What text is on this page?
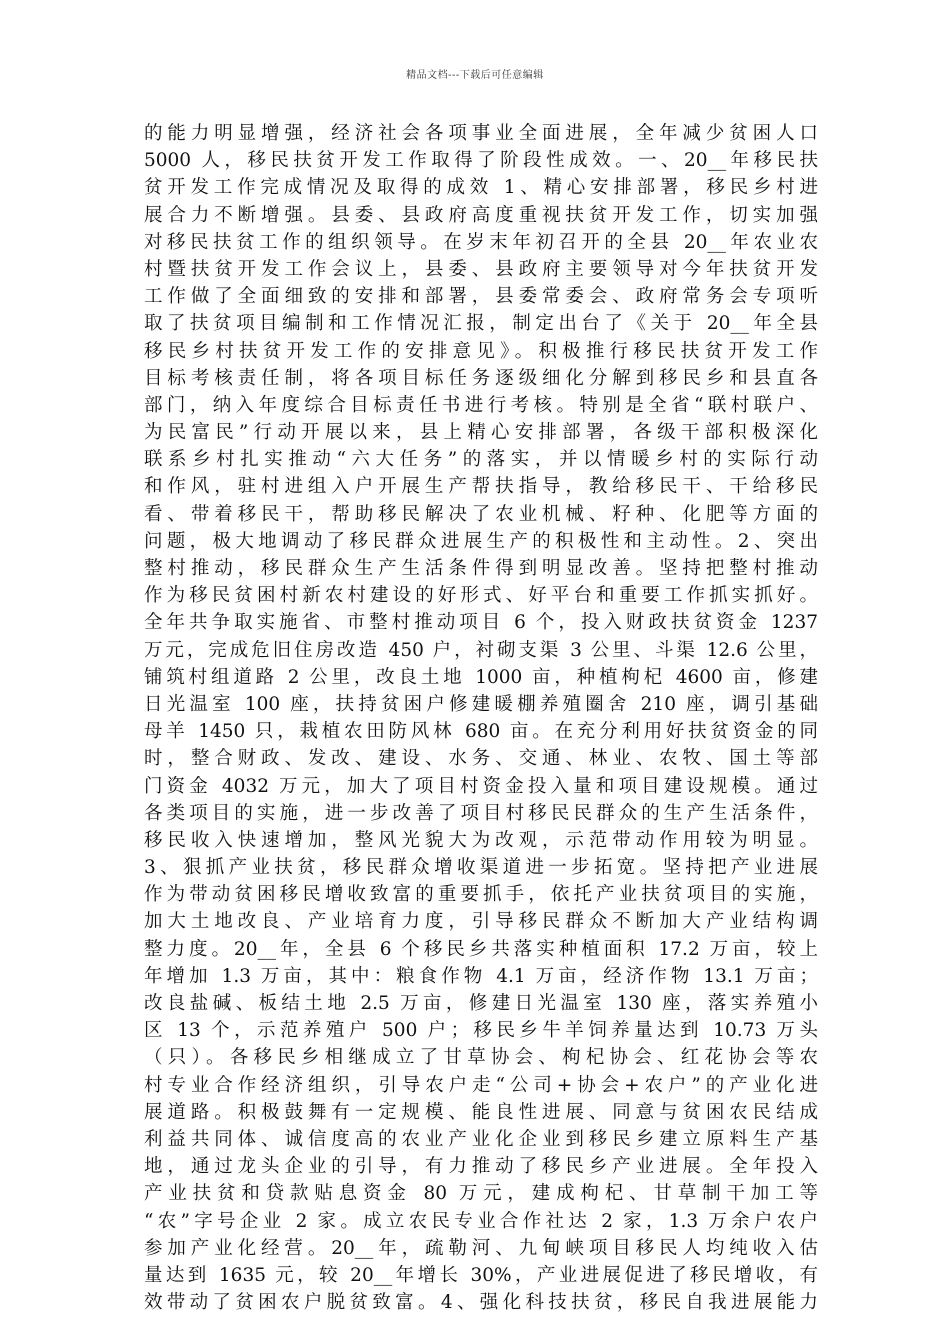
精品文档---下载后可任意编辑
的能力明显增强，经济社会各项事业全面进展，全年减少贫困人口
5000 人，移民扶贫开发工作取得了阶段性成效。一、20__年移民扶
贫开发工作完成情况及取得的成效 1、精心安排部署，移民乡村进
展合力不断增强。县委、县政府高度重视扶贫开发工作，切实加强
对移民扶贫工作的组织领导。在岁末年初召开的全县 20__年农业农
村暨扶贫开发工作会议上，县委、县政府主要领导对今年扶贫开发
工作做了全面细致的安排和部署，县委常委会、政府常务会专项听
取了扶贫项目编制和工作情况汇报，制定出台了《关于 20__年全县
移民乡村扶贫开发工作的安排意见》。积极推行移民扶贫开发工作
目标考核责任制，将各项目标任务逐级细化分解到移民乡和县直各
部门，纳入年度综合目标责任书进行考核。特别是全省“联村联户、
为民富民”行动开展以来，县上精心安排部署，各级干部积极深化
联系乡村扎实推动“六大任务”的落实，并以情暖乡村的实际行动
和作风，驻村进组入户开展生产帮扶指导，教给移民干、干给移民
看、带着移民干，帮助移民解决了农业机械、籽种、化肥等方面的
问题，极大地调动了移民群众进展生产的积极性和主动性。2、突出
整村推动，移民群众生产生活条件得到明显改善。坚持把整村推动
作为移民贫困村新农村建设的好形式、好平台和重要工作抓实抓好。
全年共争取实施省、市整村推动项目 6 个，投入财政扶贫资金 1237
万元，完成危旧住房改造 450 户，衬砌支渠 3 公里、斗渠 12.6 公里，
铺筑村组道路 2 公里，改良土地 1000 亩，种植枸杞 4600 亩，修建
日光温室 100 座，扶持贫困户修建暖棚养殖圈舍 210 座，调引基础
母羊 1450 只，栽植农田防风林 680 亩。在充分利用好扶贫资金的同
时，整合财政、发改、建设、水务、交通、林业、农牧、国土等部
门资金 4032 万元，加大了项目村资金投入量和项目建设规模。通过
各类项目的实施，进一步改善了项目村移民民群众的生产生活条件，
移民收入快速增加，整风光貌大为改观，示范带动作用较为明显。
3、狠抓产业扶贫，移民群众增收渠道进一步拓宽。坚持把产业进展
作为带动贫困移民增收致富的重要抓手，依托产业扶贫项目的实施，
加大土地改良、产业培育力度，引导移民群众不断加大产业结构调
整力度。20__年，全县 6 个移民乡共落实种植面积 17.2 万亩，较上
年增加 1.3 万亩，其中：粮食作物 4.1 万亩，经济作物 13.1 万亩；
改良盐碱、板结土地 2.5 万亩，修建日光温室 130 座，落实养殖小
区 13 个，示范养殖户 500 户；移民乡牛羊饲养量达到 10.73 万头
（只）。各移民乡相继成立了甘草协会、枸杞协会、红花协会等农
村专业合作经济组织，引导农户走“公司+协会+农户”的产业化进
展道路。积极鼓舞有一定规模、能良性进展、同意与贫困农民结成
利益共同体、诚信度高的农业产业化企业到移民乡建立原料生产基
地，通过龙头企业的引导，有力推动了移民乡产业进展。全年投入
产业扶贫和贷款贴息资金 80 万元，建成枸杞、甘草制干加工等
“农”字号企业 2 家。成立农民专业合作社达 2 家，1.3 万余户农户
参加产业化经营。20__年，疏勒河、九甸峡项目移民人均纯收入估
量达到 1635 元，较 20__年增长 30%，产业进展促进了移民增收，有
效带动了贫困农户脱贫致富。4、强化科技扶贫，移民自我进展能力
